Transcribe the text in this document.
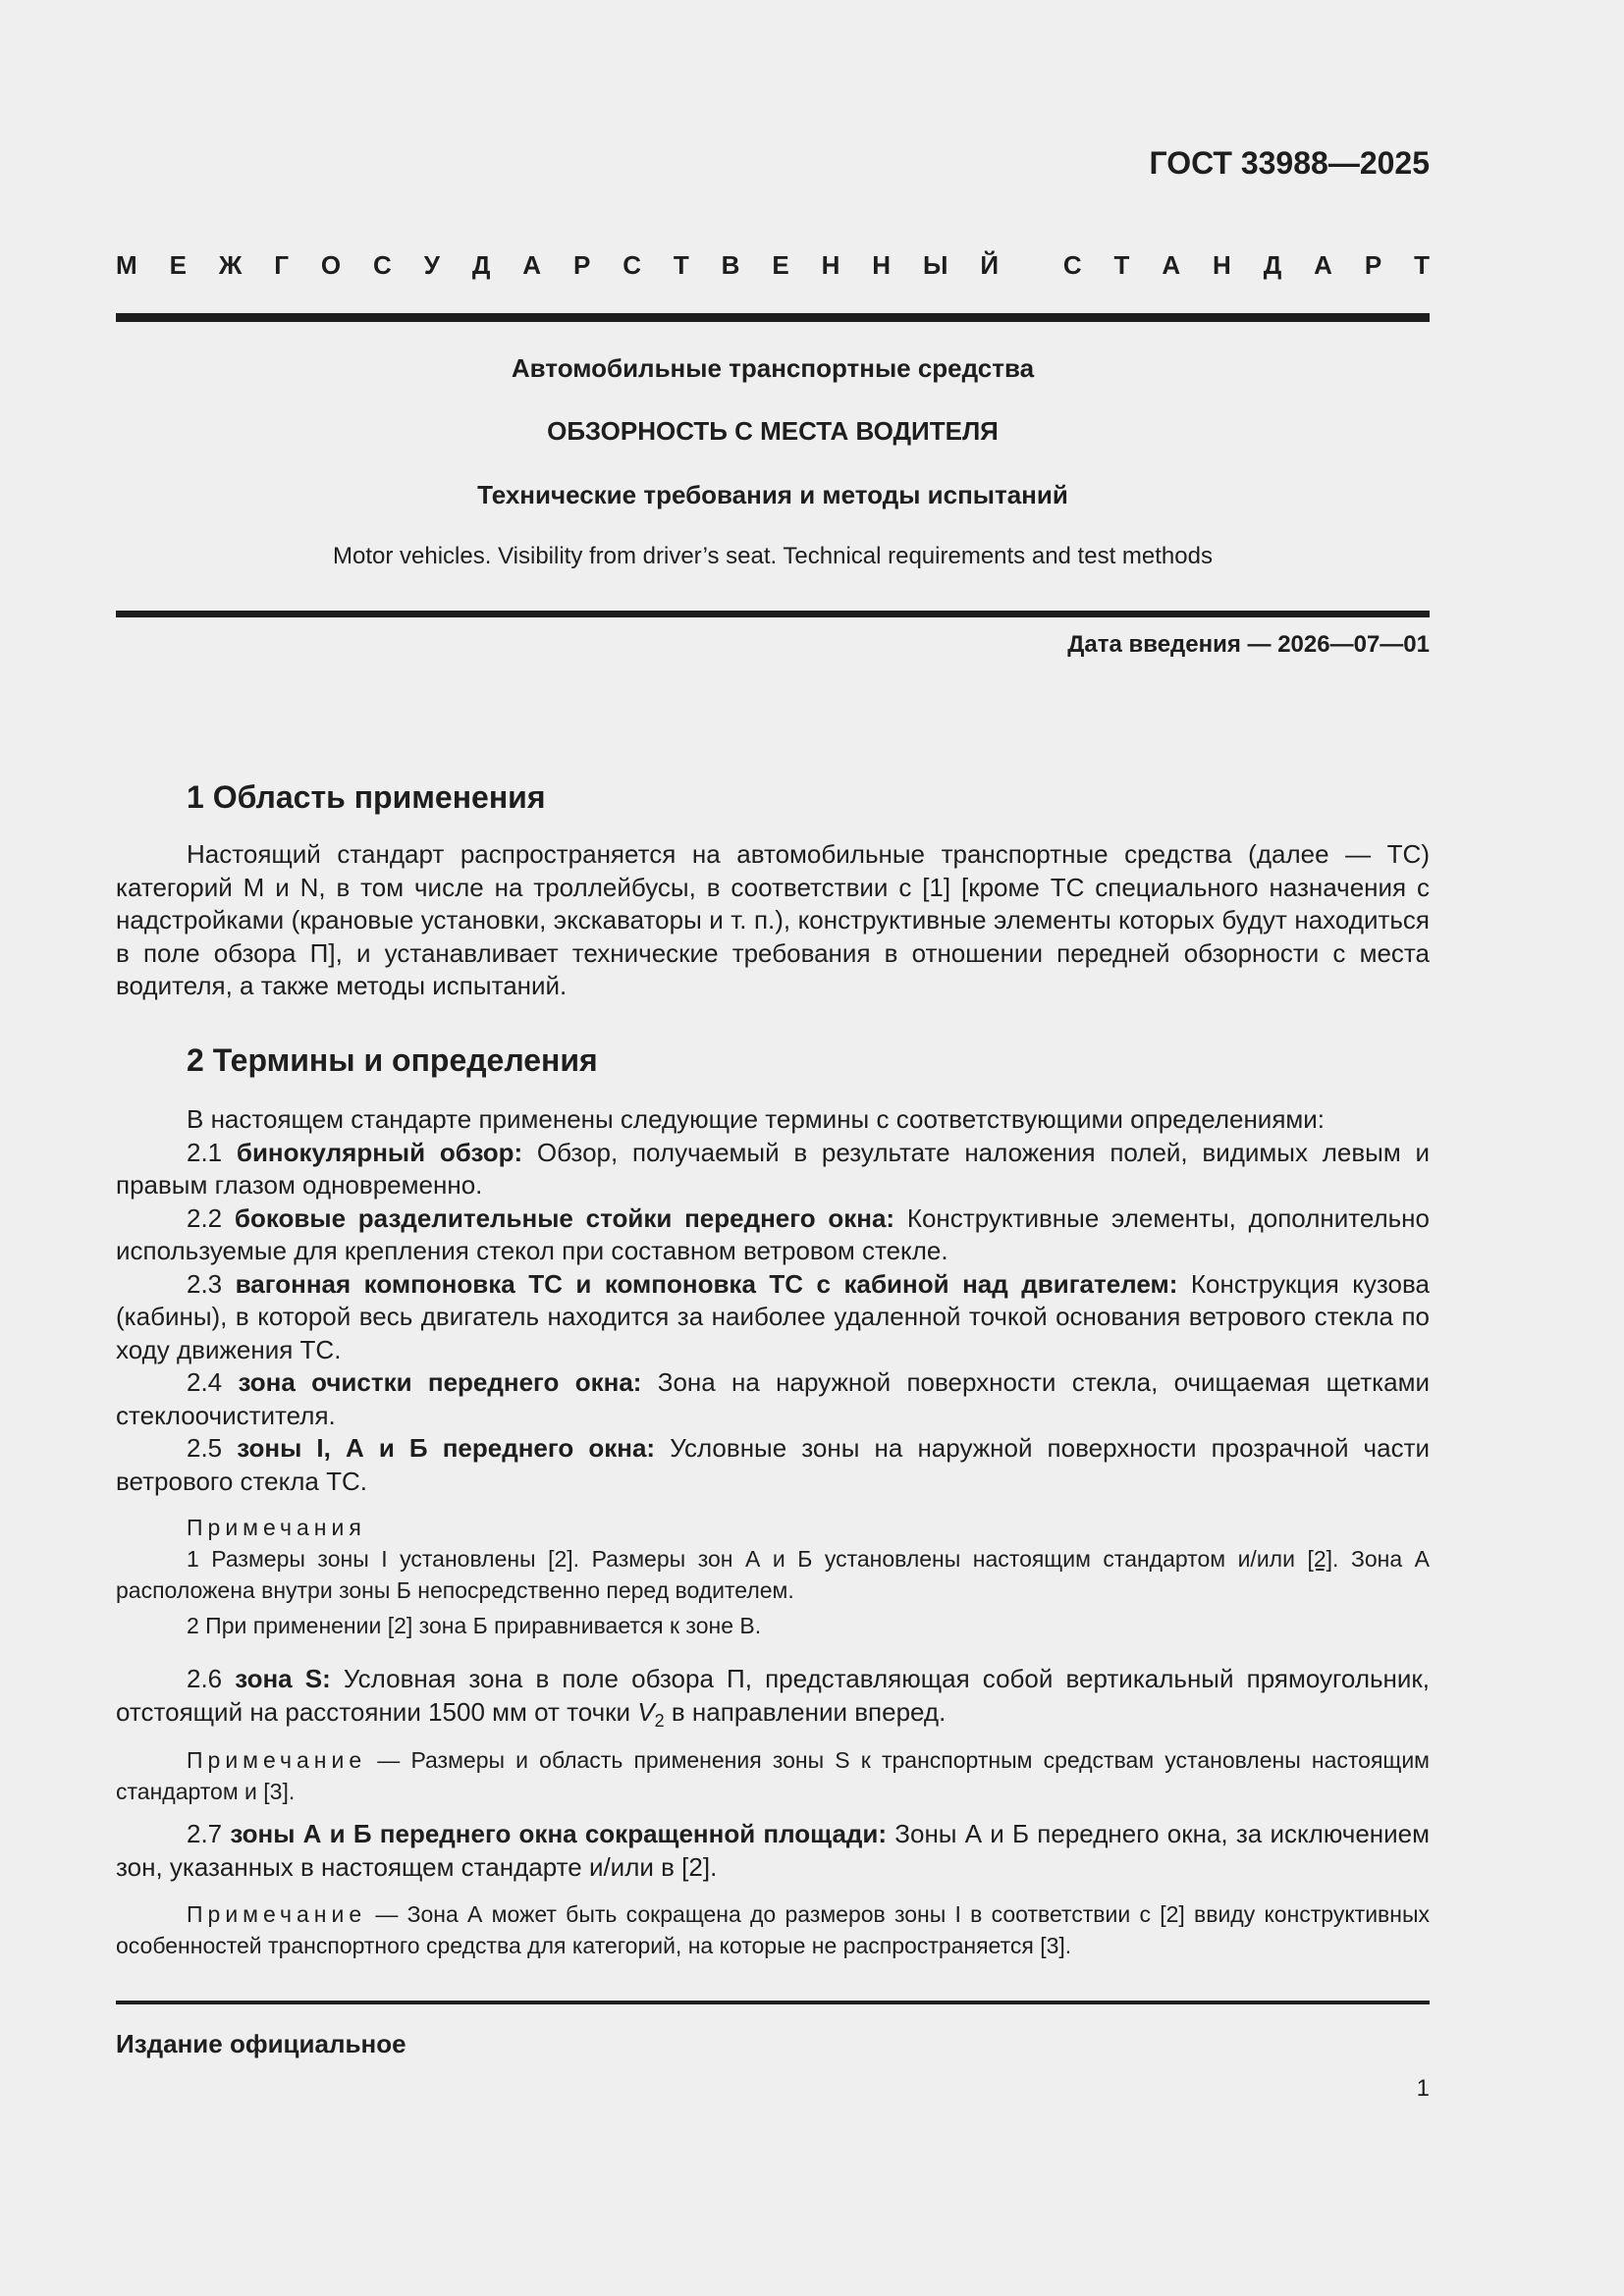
ГОСТ 33988—2025
М Е Ж Г О С У Д А Р С Т В Е Н Н Ы Й	С Т А Н Д А Р Т
Автомобильные транспортные средства
ОБЗОРНОСТЬ С МЕСТА ВОДИТЕЛЯ
Технические требования и методы испытаний
Motor vehicles. Visibility from driver’s seat. Technical requirements and test methods
Дата введения — 2026—07—01
1 Область применения

Настоящий стандарт распространяется на автомобильные транспортные средства (далее — ТС) категорий M и N, в том числе на троллейбусы, в соответствии с [1] [кроме ТС специального назначения с надстройками (крановые установки, экскаваторы и т. п.), конструктивные элементы которых будут находиться в поле обзора П], и устанавливает технические требования в отношении передней обзорности с места водителя, а также методы испытаний.

2 Термины и определения

В настоящем стандарте применены следующие термины с соответствующими определениями:

2.1 бинокулярный обзор: Обзор, получаемый в результате наложения полей, видимых левым и правым глазом одновременно.

2.2 боковые разделительные стойки переднего окна: Конструктивные элементы, дополнительно используемые для крепления стекол при составном ветровом стекле.

2.3 вагонная компоновка ТС и компоновка ТС с кабиной над двигателем: Конструкция кузова (кабины), в которой весь двигатель находится за наиболее удаленной точкой основания ветрового стекла по ходу движения ТС.

2.4 зона очистки переднего окна: Зона на наружной поверхности стекла, очищаемая щетками стеклоочистителя.

2.5 зоны I, А и Б переднего окна: Условные зоны на наружной поверхности прозрачной части ветрового стекла ТС.

Примечания

1 Размеры зоны I установлены [2]. Размеры зон А и Б установлены настоящим стандартом и/или [2]. Зона А расположена внутри зоны Б непосредственно перед водителем.

2 При применении [2] зона Б приравнивается к зоне В.

2.6 зона S: Условная зона в поле обзора П, представляющая собой вертикальный прямоугольник, отстоящий на расстоянии 1500 мм от точки $V_2$ в направлении вперед.

Примечание — Размеры и область применения зоны S к транспортным средствам установлены настоящим стандартом и [3].

2.7 зоны А и Б переднего окна сокращенной площади: Зоны А и Б переднего окна, за исключением зон, указанных в настоящем стандарте и/или в [2].

Примечание — Зона А может быть сокращена до размеров зоны I в соответствии с [2] ввиду конструктивных особенностей транспортного средства для категорий, на которые не распространяется [3].

Издание официальное
1
